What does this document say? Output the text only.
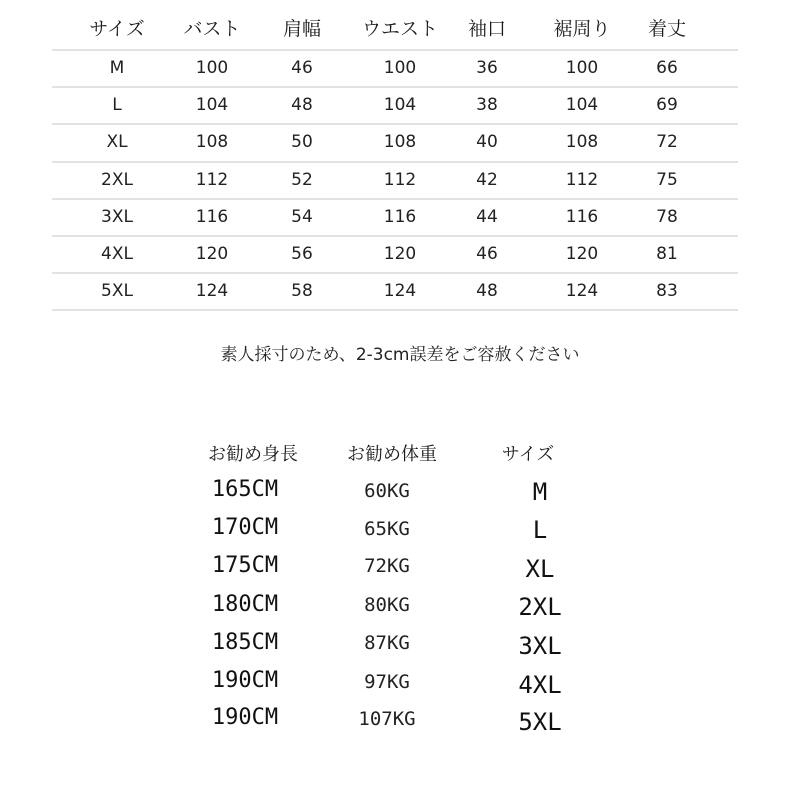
サイズ バスト 肩幅 ウエスト 袖口 裾周り 着丈
M	100	46	100	36	100	66
L	104	48	104	38	104	69
XL	108	50	108	40	108	72
2XL	112	52	112	42	112	75
3XL	116	54	116	44	116	78
4XL	120	56	120	46	120	81
5XL	124	58	124	48	124	83
素人採寸のため、2-3cm誤差をご容赦ください
お勧め身長	お勧め体重	サイズ
165CM	60KG	M
170CM	65KG	L
175CM	72KG	XL
180CM	80KG	2XL
185CM	87KG	3XL
190CM	97KG	4XL
190CM	107KG	5XL
